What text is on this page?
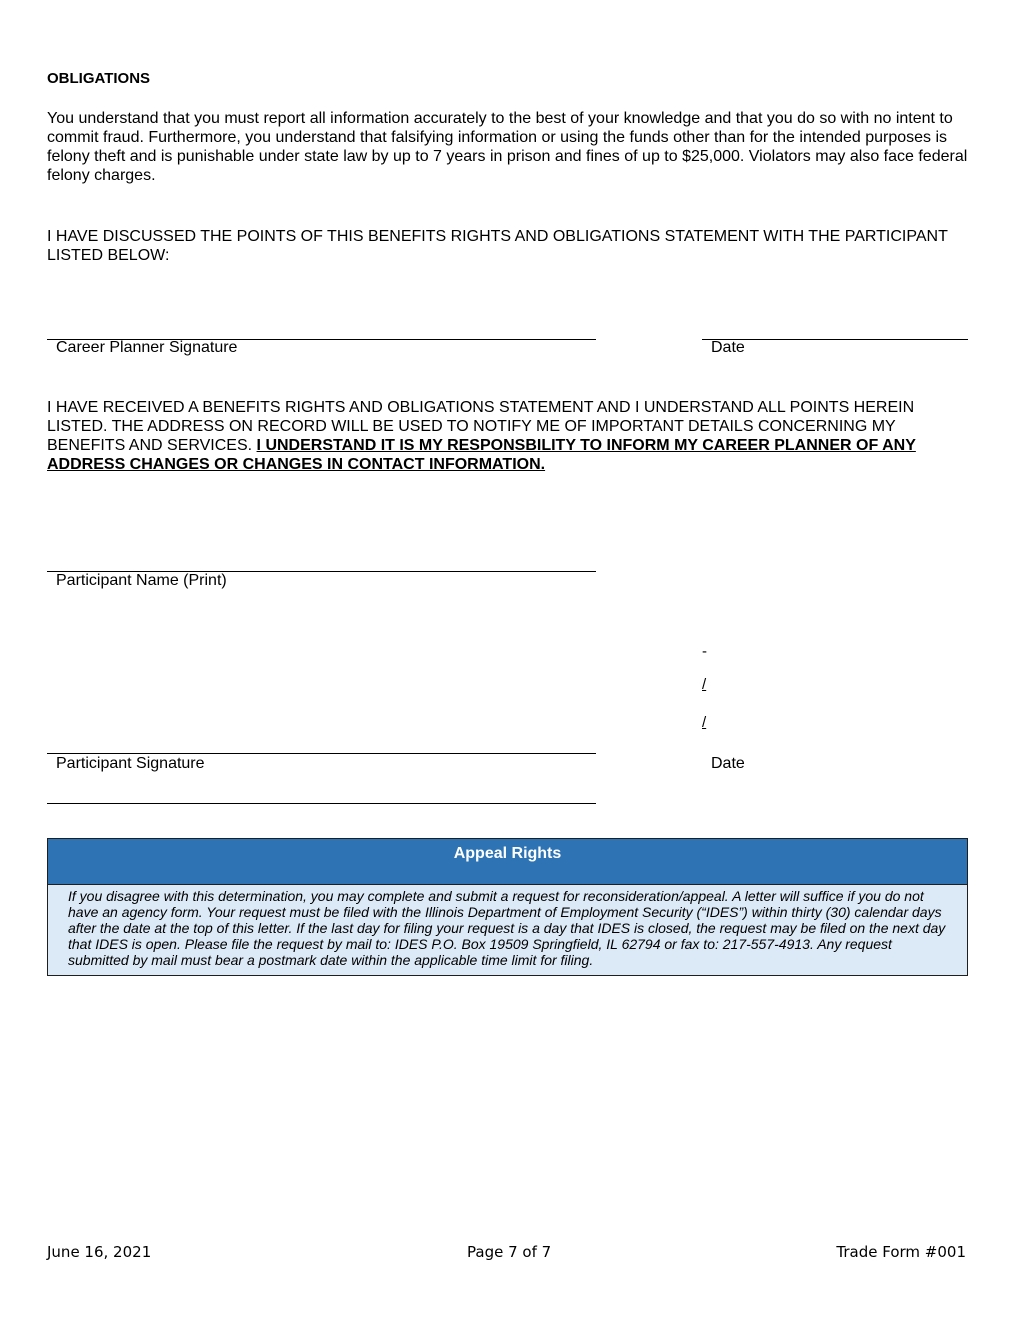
OBLIGATIONS
You understand that you must report all information accurately to the best of your knowledge and that you do so with no intent to commit fraud. Furthermore, you understand that falsifying information or using the funds other than for the intended purposes is felony theft and is punishable under state law by up to 7 years in prison and fines of up to $25,000. Violators may also face federal felony charges.
I HAVE DISCUSSED THE POINTS OF THIS BENEFITS RIGHTS AND OBLIGATIONS STATEMENT WITH THE PARTICIPANT LISTED BELOW:
Career Planner Signature	Date
I HAVE RECEIVED A BENEFITS RIGHTS AND OBLIGATIONS STATEMENT AND I UNDERSTAND ALL POINTS HEREIN LISTED. THE ADDRESS ON RECORD WILL BE USED TO NOTIFY ME OF IMPORTANT DETAILS CONCERNING MY BENEFITS AND SERVICES. I UNDERSTAND IT IS MY RESPONSBILITY TO INFORM MY CAREER PLANNER OF ANY ADDRESS CHANGES OR CHANGES IN CONTACT INFORMATION.
Participant Name (Print)
-
/
/
Participant Signature	Date
Appeal Rights
If you disagree with this determination, you may complete and submit a request for reconsideration/appeal. A letter will suffice if you do not have an agency form. Your request must be filed with the Illinois Department of Employment Security (“IDES”) within thirty (30) calendar days after the date at the top of this letter. If the last day for filing your request is a day that IDES is closed, the request may be filed on the next day that IDES is open. Please file the request by mail to: IDES P.O. Box 19509 Springfield, IL 62794 or fax to: 217-557-4913. Any request submitted by mail must bear a postmark date within the applicable time limit for filing.
June 16, 2021	Page 7 of 7	Trade Form #001
